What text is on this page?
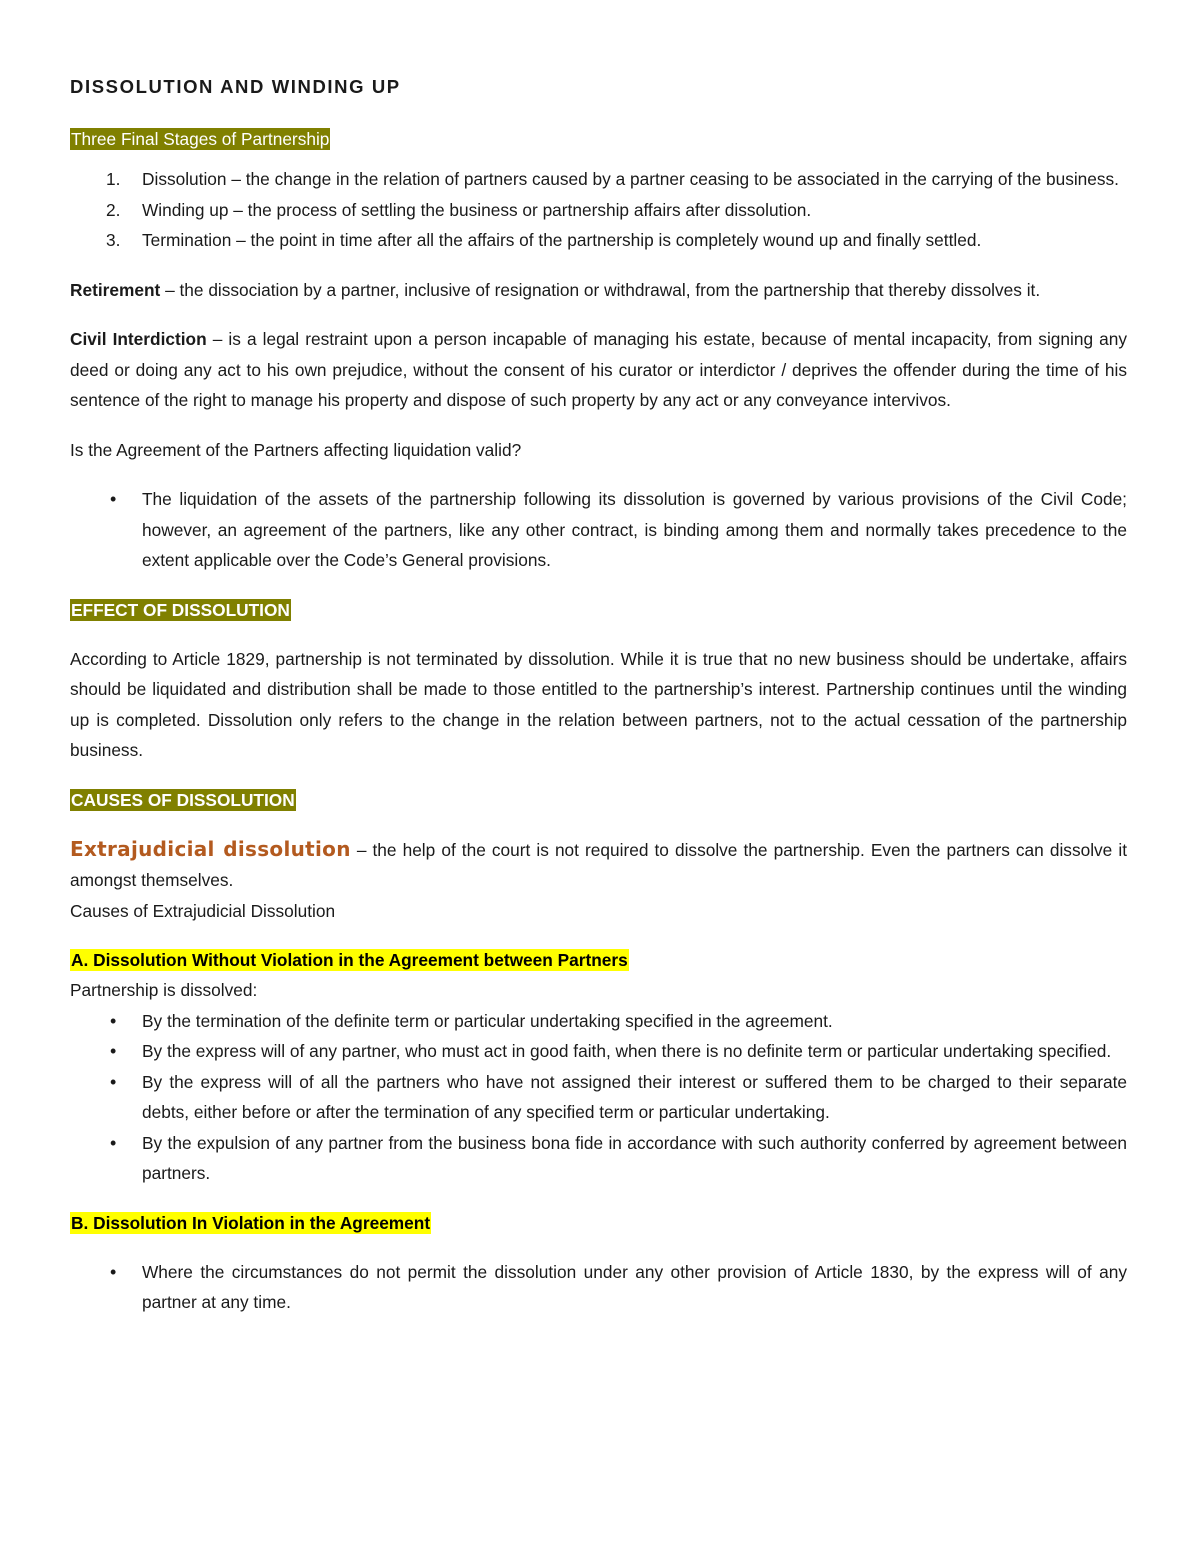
DISSOLUTION AND WINDING UP

Three Final Stages of Partnership

1. Dissolution – the change in the relation of partners caused by a partner ceasing to be associated in the carrying of the business.
2. Winding up – the process of settling the business or partnership affairs after dissolution.
3. Termination – the point in time after all the affairs of the partnership is completely wound up and finally settled.

Retirement – the dissociation by a partner, inclusive of resignation or withdrawal, from the partnership that thereby dissolves it.

Civil Interdiction – is a legal restraint upon a person incapable of managing his estate, because of mental incapacity, from signing any deed or doing any act to his own prejudice, without the consent of his curator or interdictor / deprives the offender during the time of his sentence of the right to manage his property and dispose of such property by any act or any conveyance intervivos.

Is the Agreement of the Partners affecting liquidation valid?

• The liquidation of the assets of the partnership following its dissolution is governed by various provisions of the Civil Code; however, an agreement of the partners, like any other contract, is binding among them and normally takes precedence to the extent applicable over the Code’s General provisions.

EFFECT OF DISSOLUTION

According to Article 1829, partnership is not terminated by dissolution. While it is true that no new business should be undertake, affairs should be liquidated and distribution shall be made to those entitled to the partnership’s interest. Partnership continues until the winding up is completed. Dissolution only refers to the change in the relation between partners, not to the actual cessation of the partnership business.

CAUSES OF DISSOLUTION

Extrajudicial dissolution – the help of the court is not required to dissolve the partnership. Even the partners can dissolve it amongst themselves.

Causes of Extrajudicial Dissolution

A. Dissolution Without Violation in the Agreement between Partners

Partnership is dissolved:

• By the termination of the definite term or particular undertaking specified in the agreement.
• By the express will of any partner, who must act in good faith, when there is no definite term or particular undertaking specified.
• By the express will of all the partners who have not assigned their interest or suffered them to be charged to their separate debts, either before or after the termination of any specified term or particular undertaking.
• By the expulsion of any partner from the business bona fide in accordance with such authority conferred by agreement between partners.

B. Dissolution In Violation in the Agreement

• Where the circumstances do not permit the dissolution under any other provision of Article 1830, by the express will of any partner at any time.
